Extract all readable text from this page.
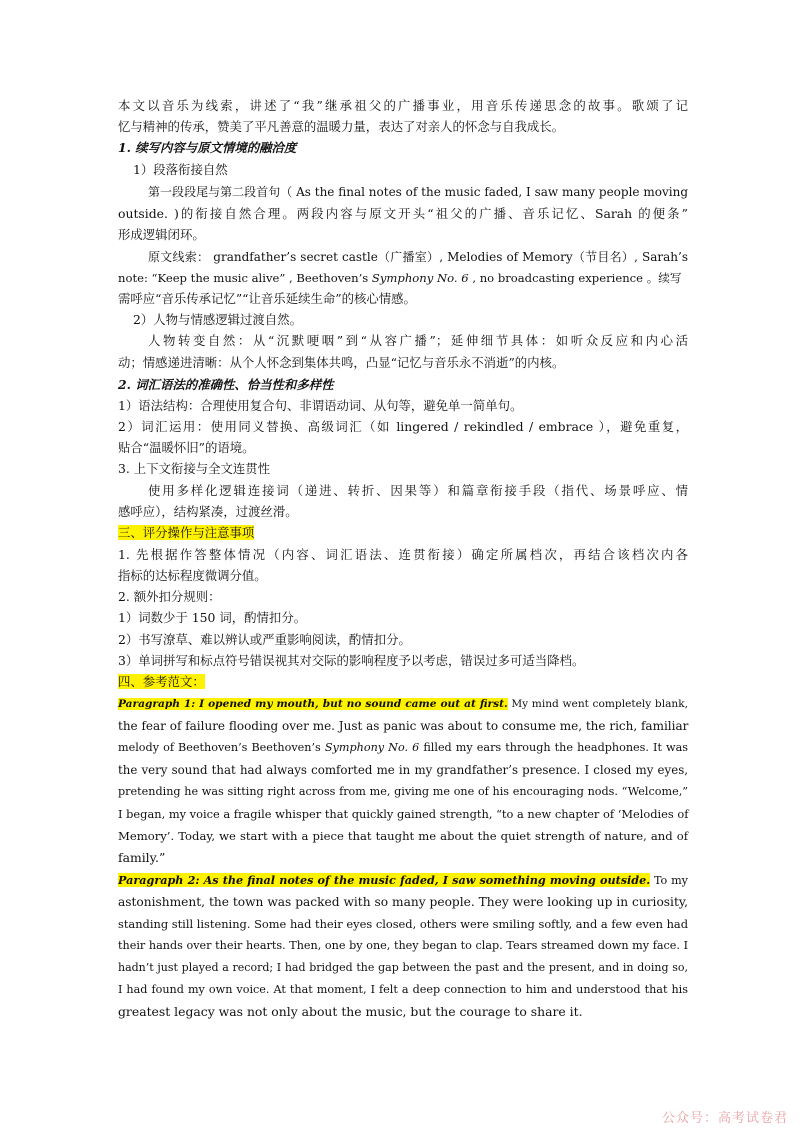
本文以音乐为线索，讲述了“我”继承祖父的广播事业，用音乐传递思念的故事。歌颂了记
忆与精神的传承，赞美了平凡善意的温暖力量，表达了对亲人的怀念与自我成长。
1. 续写内容与原文情境的融洽度
1）段落衔接自然
第一段段尾与第二段首句（ As the final notes of the music faded, I saw many people moving
outside. )的衔接自然合理。两段内容与原文开头“祖父的广播、音乐记忆、Sarah 的便条”
形成逻辑闭环。
原文线索： grandfather’s secret castle（广播室）, Melodies of Memory（节目名）, Sarah’s
note: “Keep the music alive” , Beethoven’s Symphony No. 6 , no broadcasting experience 。续写
需呼应“音乐传承记忆”“让音乐延续生命”的核心情感。
2）人物与情感逻辑过渡自然。
人物转变自然：从“沉默哽咽”到“从容广播”；延伸细节具体：如听众反应和内心活
动；情感递进清晰：从个人怀念到集体共鸣，凸显“记忆与音乐永不消逝”的内核。
2. 词汇语法的准确性、恰当性和多样性
1）语法结构：合理使用复合句、非谓语动词、从句等，避免单一简单句。
2）词汇运用：使用同义替换、高级词汇（如 lingered / rekindled / embrace ），避免重复，
贴合“温暖怀旧”的语境。
3. 上下文衔接与全文连贯性
使用多样化逻辑连接词（递进、转折、因果等）和篇章衔接手段（指代、场景呼应、情
感呼应），结构紧凑，过渡丝滑。
三、评分操作与注意事项
1. 先根据作答整体情况（内容、词汇语法、连贯衔接）确定所属档次，再结合该档次内各
指标的达标程度微调分值。
2. 额外扣分规则：
1）词数少于 150 词，酌情扣分。
2）书写潦草、难以辨认或严重影响阅读，酌情扣分。
3）单词拼写和标点符号错误视其对交际的影响程度予以考虑，错误过多可适当降档。
四、参考范文：
Paragraph 1: I opened my mouth, but no sound came out at first. My mind went completely blank,
the fear of failure flooding over me. Just as panic was about to consume me, the rich, familiar
melody of Beethoven’s Beethoven’s Symphony No. 6 filled my ears through the headphones. It was
the very sound that had always comforted me in my grandfather’s presence. I closed my eyes,
pretending he was sitting right across from me, giving me one of his encouraging nods. “Welcome,”
I began, my voice a fragile whisper that quickly gained strength, “to a new chapter of ‘Melodies of
Memory’. Today, we start with a piece that taught me about the quiet strength of nature, and of
family.”
Paragraph 2: As the final notes of the music faded, I saw something moving outside. To my
astonishment, the town was packed with so many people. They were looking up in curiosity,
standing still listening. Some had their eyes closed, others were smiling softly, and a few even had
their hands over their hearts. Then, one by one, they began to clap. Tears streamed down my face. I
hadn’t just played a record; I had bridged the gap between the past and the present, and in doing so,
I had found my own voice. At that moment, I felt a deep connection to him and understood that his
greatest legacy was not only about the music, but the courage to share it.
公众号：高考试卷君
